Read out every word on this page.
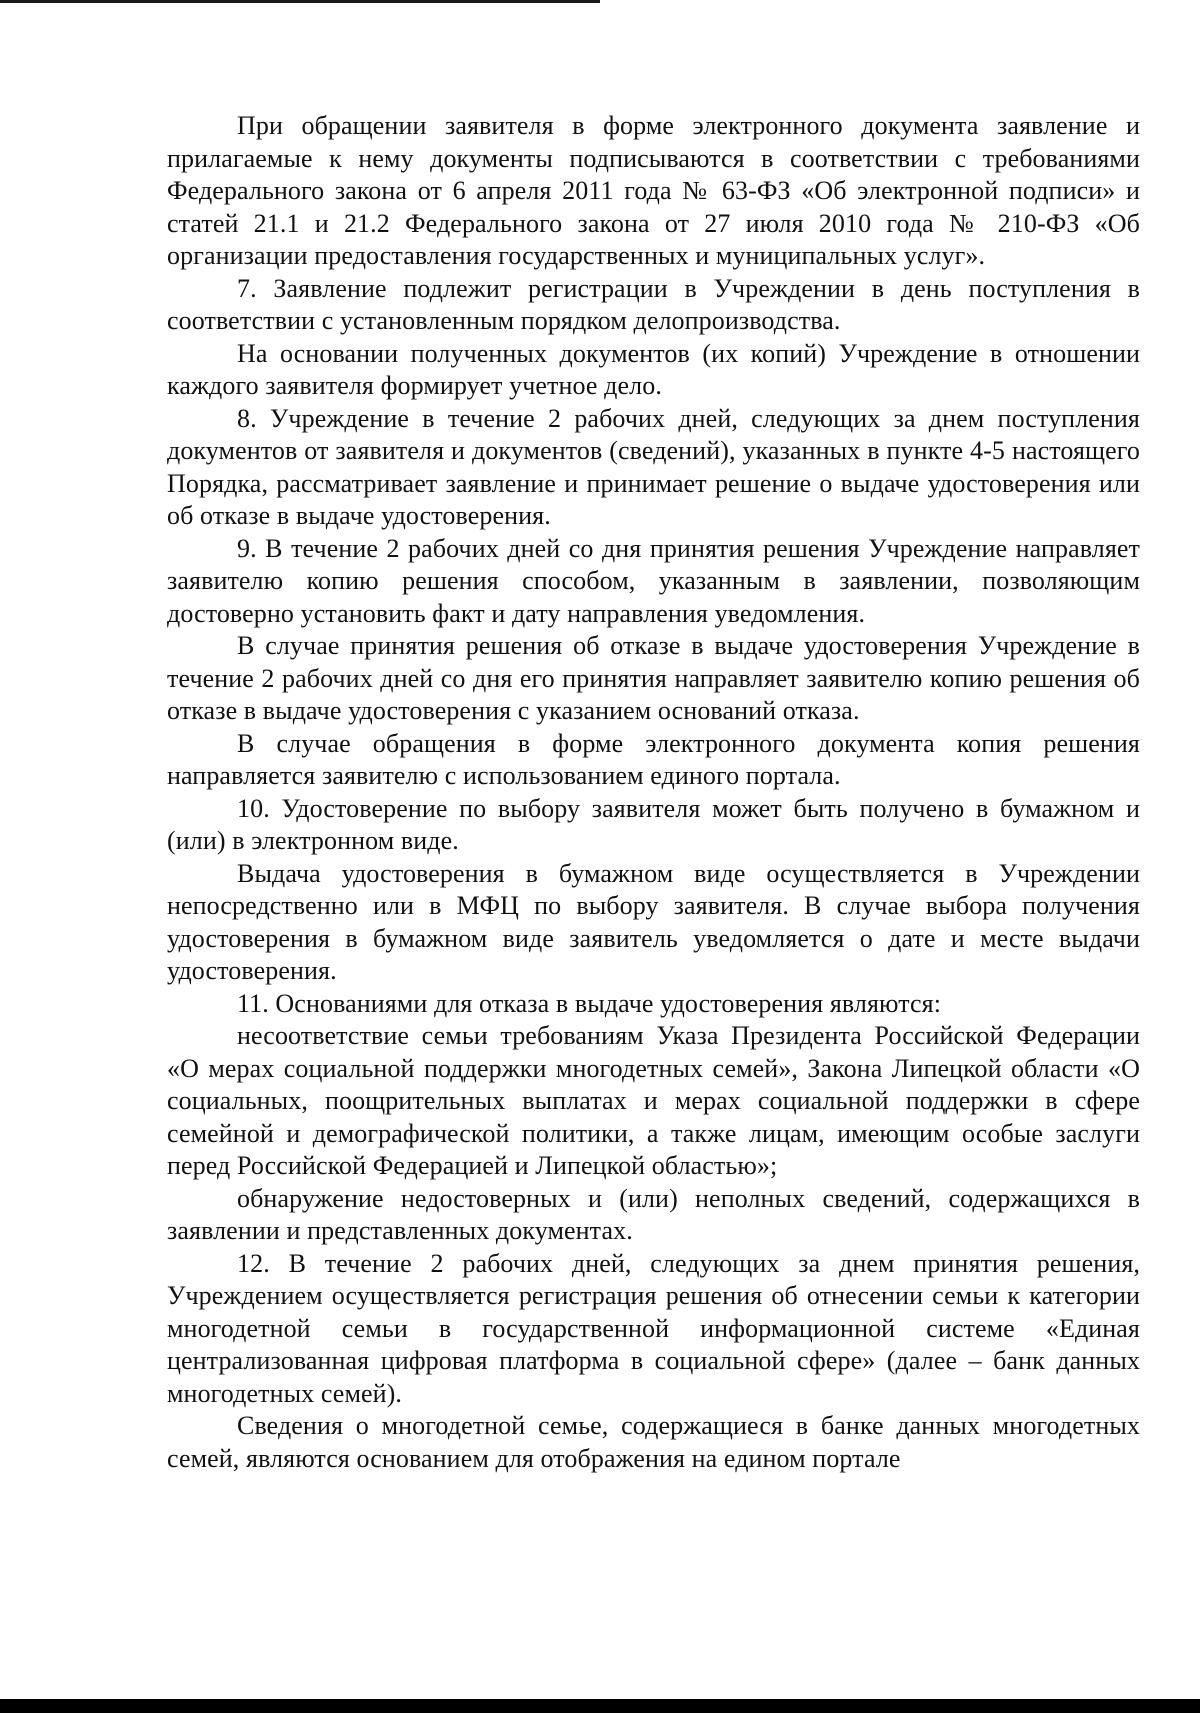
При обращении заявителя в форме электронного документа заявление и прилагаемые к нему документы подписываются в соответствии с требованиями Федерального закона от 6 апреля 2011 года № 63-ФЗ «Об электронной подписи» и статей 21.1 и 21.2 Федерального закона от 27 июля 2010 года № 210-ФЗ «Об организации предоставления государственных и муниципальных услуг».

7. Заявление подлежит регистрации в Учреждении в день поступления в соответствии с установленным порядком делопроизводства.

На основании полученных документов (их копий) Учреждение в отношении каждого заявителя формирует учетное дело.

8. Учреждение в течение 2 рабочих дней, следующих за днем поступления документов от заявителя и документов (сведений), указанных в пункте 4-5 настоящего Порядка, рассматривает заявление и принимает решение о выдаче удостоверения или об отказе в выдаче удостоверения.

9. В течение 2 рабочих дней со дня принятия решения Учреждение направляет заявителю копию решения способом, указанным в заявлении, позволяющим достоверно установить факт и дату направления уведомления.

В случае принятия решения об отказе в выдаче удостоверения Учреждение в течение 2 рабочих дней со дня его принятия направляет заявителю копию решения об отказе в выдаче удостоверения с указанием оснований отказа.

В случае обращения в форме электронного документа копия решения направляется заявителю с использованием единого портала.

10. Удостоверение по выбору заявителя может быть получено в бумажном и (или) в электронном виде.

Выдача удостоверения в бумажном виде осуществляется в Учреждении непосредственно или в МФЦ по выбору заявителя. В случае выбора получения удостоверения в бумажном виде заявитель уведомляется о дате и месте выдачи удостоверения.

11. Основаниями для отказа в выдаче удостоверения являются:

несоответствие семьи требованиям Указа Президента Российской Федерации «О мерах социальной поддержки многодетных семей», Закона Липецкой области «О социальных, поощрительных выплатах и мерах социальной поддержки в сфере семейной и демографической политики, а также лицам, имеющим особые заслуги перед Российской Федерацией и Липецкой областью»;

обнаружение недостоверных и (или) неполных сведений, содержащихся в заявлении и представленных документах.

12. В течение 2 рабочих дней, следующих за днем принятия решения, Учреждением осуществляется регистрация решения об отнесении семьи к категории многодетной семьи в государственной информационной системе «Единая централизованная цифровая платформа в социальной сфере» (далее – банк данных многодетных семей).

Сведения о многодетной семье, содержащиеся в банке данных многодетных семей, являются основанием для отображения на едином портале
